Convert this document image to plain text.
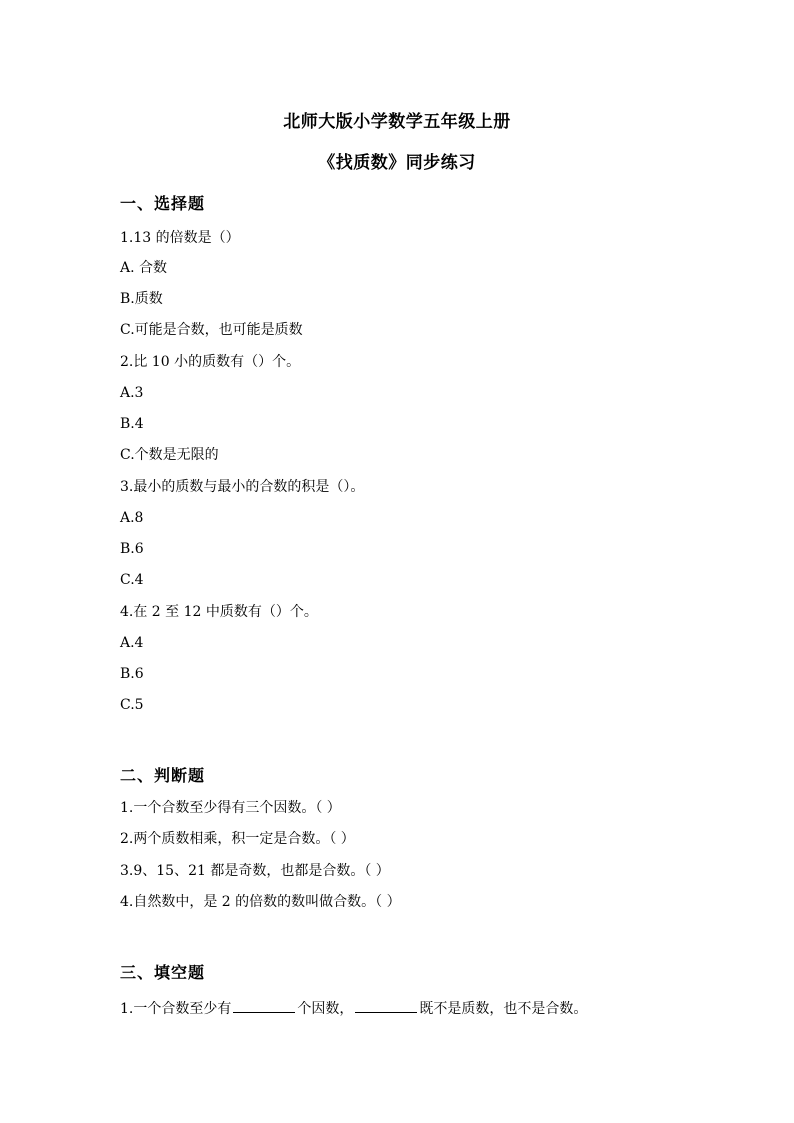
北师大版小学数学五年级上册
《找质数》同步练习
一、选择题
1.13 的倍数是（）
A. 合数
B.质数
C.可能是合数，也可能是质数
2.比 10 小的质数有（）个。
A.3
B.4
C.个数是无限的
3.最小的质数与最小的合数的积是（）。
A.8
B.6
C.4
4.在 2 至 12 中质数有（）个。
A.4
B.6
C.5
二、判断题
1.一个合数至少得有三个因数。（ ）
2.两个质数相乘，积一定是合数。（ ）
3.9、15、21 都是奇数，也都是合数。（ ）
4.自然数中，是 2 的倍数的数叫做合数。（ ）
三、填空题
1.一个合数至少有	个因数，	既不是质数，也不是合数。
